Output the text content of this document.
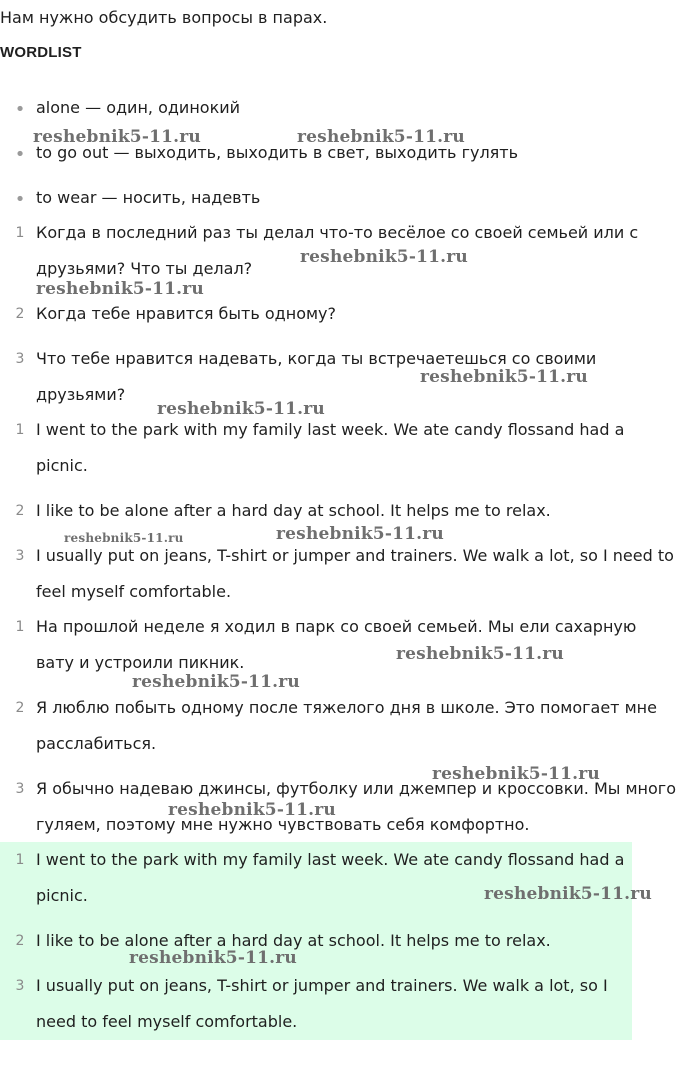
Нам нужно обсудить вопросы в парах.
WORDLIST
• alone — один, одинокий
• to go out — выходить, выходить в свет, выходить гулять
• to wear — носить, надевть
1 Когда в последний раз ты делал что-то весёлое со своей семьей или с
друзьями? Что ты делал?
2 Когда тебе нравится быть одному?
3 Что тебе нравится надевать, когда ты встречаетешься со своими
друзьями?
1 I went to the park with my family last week. We ate candy flossand had a
picnic.
2 I like to be alone after a hard day at school. It helps me to relax.
3 I usually put on jeans, T-shirt or jumper and trainers. We walk a lot, so I need to
feel myself comfortable.
1 На прошлой неделе я ходил в парк со своей семьей. Мы ели сахарную
вату и устроили пикник.
2 Я люблю побыть одному после тяжелого дня в школе. Это помогает мне
расслабиться.
3 Я обычно надеваю джинсы, футболку или джемпер и кроссовки. Мы много
гуляем, поэтому мне нужно чувствовать себя комфортно.
1 I went to the park with my family last week. We ate candy flossand had a
picnic.
2 I like to be alone after a hard day at school. It helps me to relax.
3 I usually put on jeans, T-shirt or jumper and trainers. We walk a lot, so I
need to feel myself comfortable.
reshebnik5-11.ru	reshebnik5-11.ru
reshebnik5-11.ru
reshebnik5-11.ru
reshebnik5-11.ru
reshebnik5-11.ru
reshebnik5-11.ru	reshebnik5-11.ru
reshebnik5-11.ru
reshebnik5-11.ru
reshebnik5-11.ru
reshebnik5-11.ru
reshebnik5-11.ru
reshebnik5-11.ru
